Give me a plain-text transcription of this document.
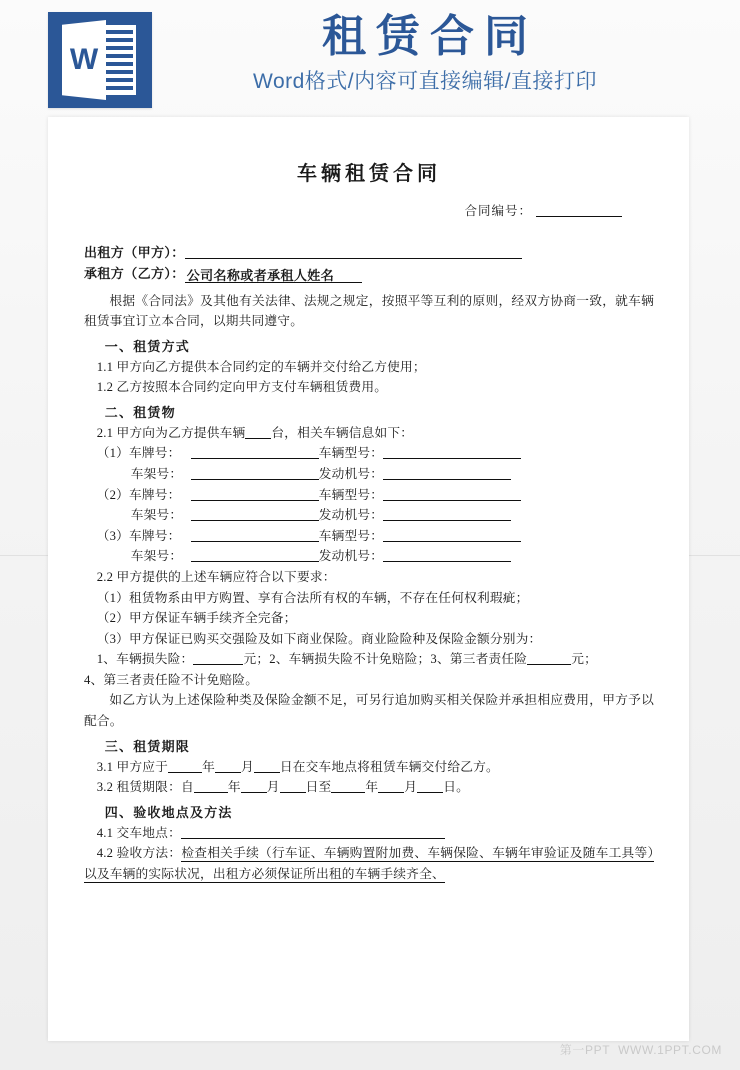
W	租赁合同
Word格式/内容可直接编辑/直接打印
车辆租赁合同
合同编号：
出租方（甲方）：
承租方（乙方）： 公司名称或者承租人姓名

根据《合同法》及其他有关法律、法规之规定，按照平等互利的原则，经双方协商一致，就车辆租赁事宜订立本合同，以期共同遵守。

一、租赁方式

1.1 甲方向乙方提供本合同约定的车辆并交付给乙方使用；

1.2 乙方按照本合同约定向甲方支付车辆租赁费用。

二、租赁物

2.1 甲方向为乙方提供车辆 台，相关车辆信息如下：

（1）车牌号：	车辆型号：
车架号：	发动机号：
（2）车牌号：	车辆型号：
车架号：	发动机号：
（3）车牌号：	车辆型号：
车架号：	发动机号：

2.2 甲方提供的上述车辆应符合以下要求：

（1）租赁物系由甲方购置、享有合法所有权的车辆，不存在任何权利瑕疵；

（2）甲方保证车辆手续齐全完备；

（3）甲方保证已购买交强险及如下商业保险。商业险险种及保险金额分别为：

1、车辆损失险：	元；2、车辆损失险不计免赔险；3、第三者责任险	元；

4、第三者责任险不计免赔险。

如乙方认为上述保险种类及保险金额不足，可另行追加购买相关保险并承担相应费用，甲方予以配合。

三、租赁期限

3.1 甲方应于	年 月 日在交车地点将租赁车辆交付给乙方。

3.2 租赁期限：自	年 月 日至	年 月 日。

四、验收地点及方法

4.1 交车地点：

4.2 验收方法：检查相关手续（行车证、车辆购置附加费、车辆保险、车辆年审验证及随车工具等）以及车辆的实际状况，出租方必须保证所出租的车辆手续齐全、

第一PPT WWW.1PPT.COM
